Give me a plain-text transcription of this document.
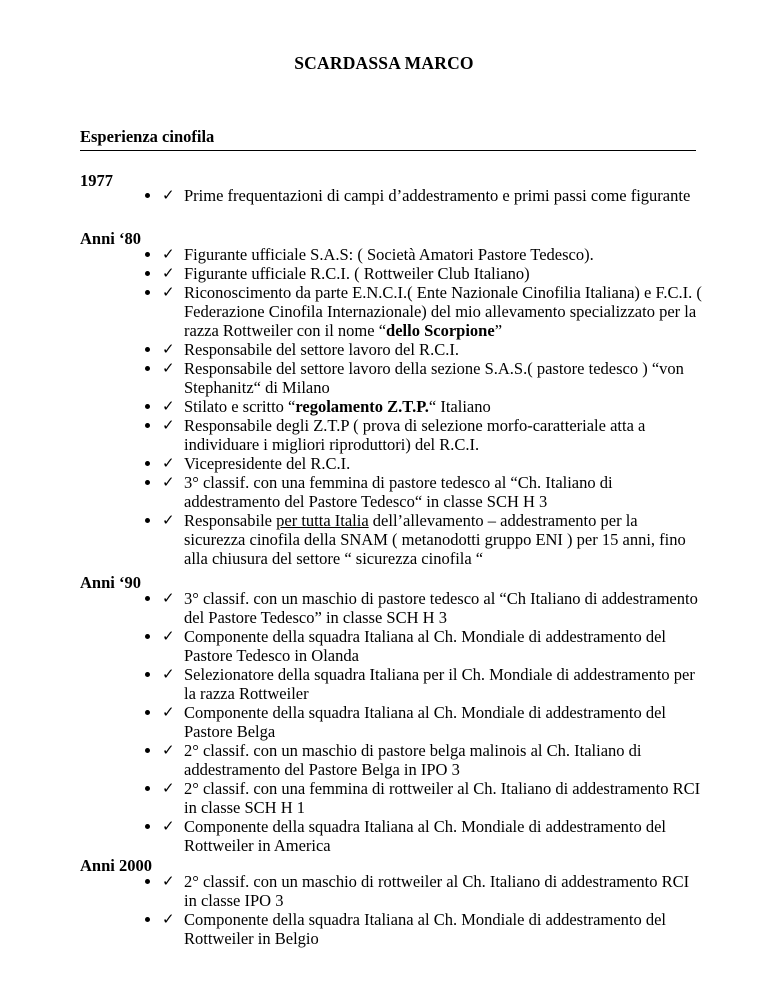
SCARDASSA MARCO
Esperienza cinofila
1977
• ✓ Prime frequentazioni di campi d’addestramento e primi passi come figurante
Anni ‘80
• ✓ Figurante ufficiale S.A.S: ( Società Amatori Pastore Tedesco).
• ✓ Figurante ufficiale R.C.I. ( Rottweiler Club Italiano)
• ✓ Riconoscimento da parte E.N.C.I.( Ente Nazionale Cinofilia Italiana) e F.C.I. ( Federazione Cinofila Internazionale) del mio allevamento specializzato per la razza Rottweiler con il nome “dello Scorpione”
• ✓ Responsabile del settore lavoro del R.C.I.
• ✓ Responsabile del settore lavoro della sezione S.A.S.( pastore tedesco ) “von Stephanitz“ di Milano
• ✓ Stilato e scritto “regolamento Z.T.P.“ Italiano
• ✓ Responsabile degli Z.T.P ( prova di selezione morfo-caratteriale atta a individuare i migliori riproduttori) del R.C.I.
• ✓ Vicepresidente del R.C.I.
• ✓ 3° classif. con una femmina di pastore tedesco al “Ch. Italiano di addestramento del Pastore Tedesco“ in classe SCH H 3
• ✓ Responsabile per tutta Italia dell’allevamento – addestramento per la sicurezza cinofila della SNAM ( metanodotti gruppo ENI ) per 15 anni, fino alla chiusura del settore “ sicurezza cinofila “
Anni ‘90
• ✓ 3° classif. con un maschio di pastore tedesco al “Ch Italiano di addestramento del Pastore Tedesco” in classe SCH H 3
• ✓ Componente della squadra Italiana al Ch. Mondiale di addestramento del Pastore Tedesco in Olanda
• ✓ Selezionatore della squadra Italiana per il Ch. Mondiale di addestramento per la razza Rottweiler
• ✓ Componente della squadra Italiana al Ch. Mondiale di addestramento del Pastore Belga
• ✓ 2° classif. con un maschio di pastore belga malinois al Ch. Italiano di addestramento del Pastore Belga in IPO 3
• ✓ 2° classif. con una femmina di rottweiler al Ch. Italiano di addestramento RCI in classe SCH H 1
• ✓ Componente della squadra Italiana al Ch. Mondiale di addestramento del Rottweiler in America
Anni 2000
• ✓ 2° classif. con un maschio di rottweiler al Ch. Italiano di addestramento RCI in classe IPO 3
• ✓ Componente della squadra Italiana al Ch. Mondiale di addestramento del Rottweiler in Belgio
